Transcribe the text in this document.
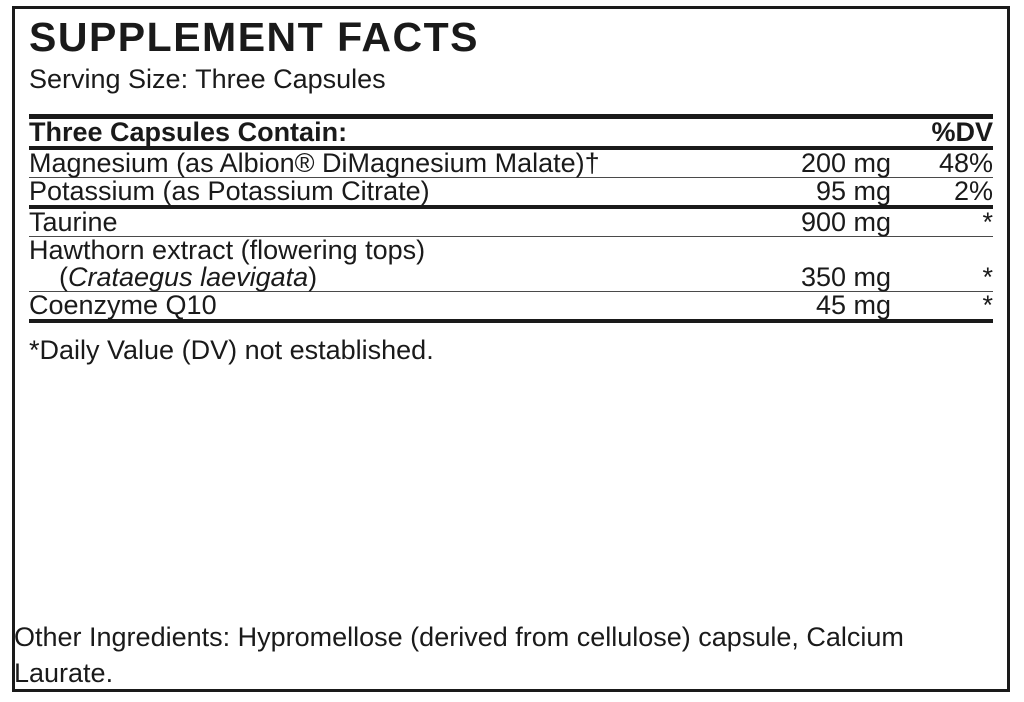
SUPPLEMENT FACTS
Serving Size: Three Capsules
Three Capsules Contain:		%DV

Magnesium (as Albion® DiMagnesium Malate)†	200 mg	48%

Potassium (as Potassium Citrate)	95 mg	2%

Taurine	900 mg	*

Hawthorn extract (flowering tops)
(Crataegus laevigata)	350 mg	*

Coenzyme Q10	45 mg	*
*Daily Value (DV) not established.
Other Ingredients: Hypromellose (derived from cellulose) capsule, Calcium Laurate.
